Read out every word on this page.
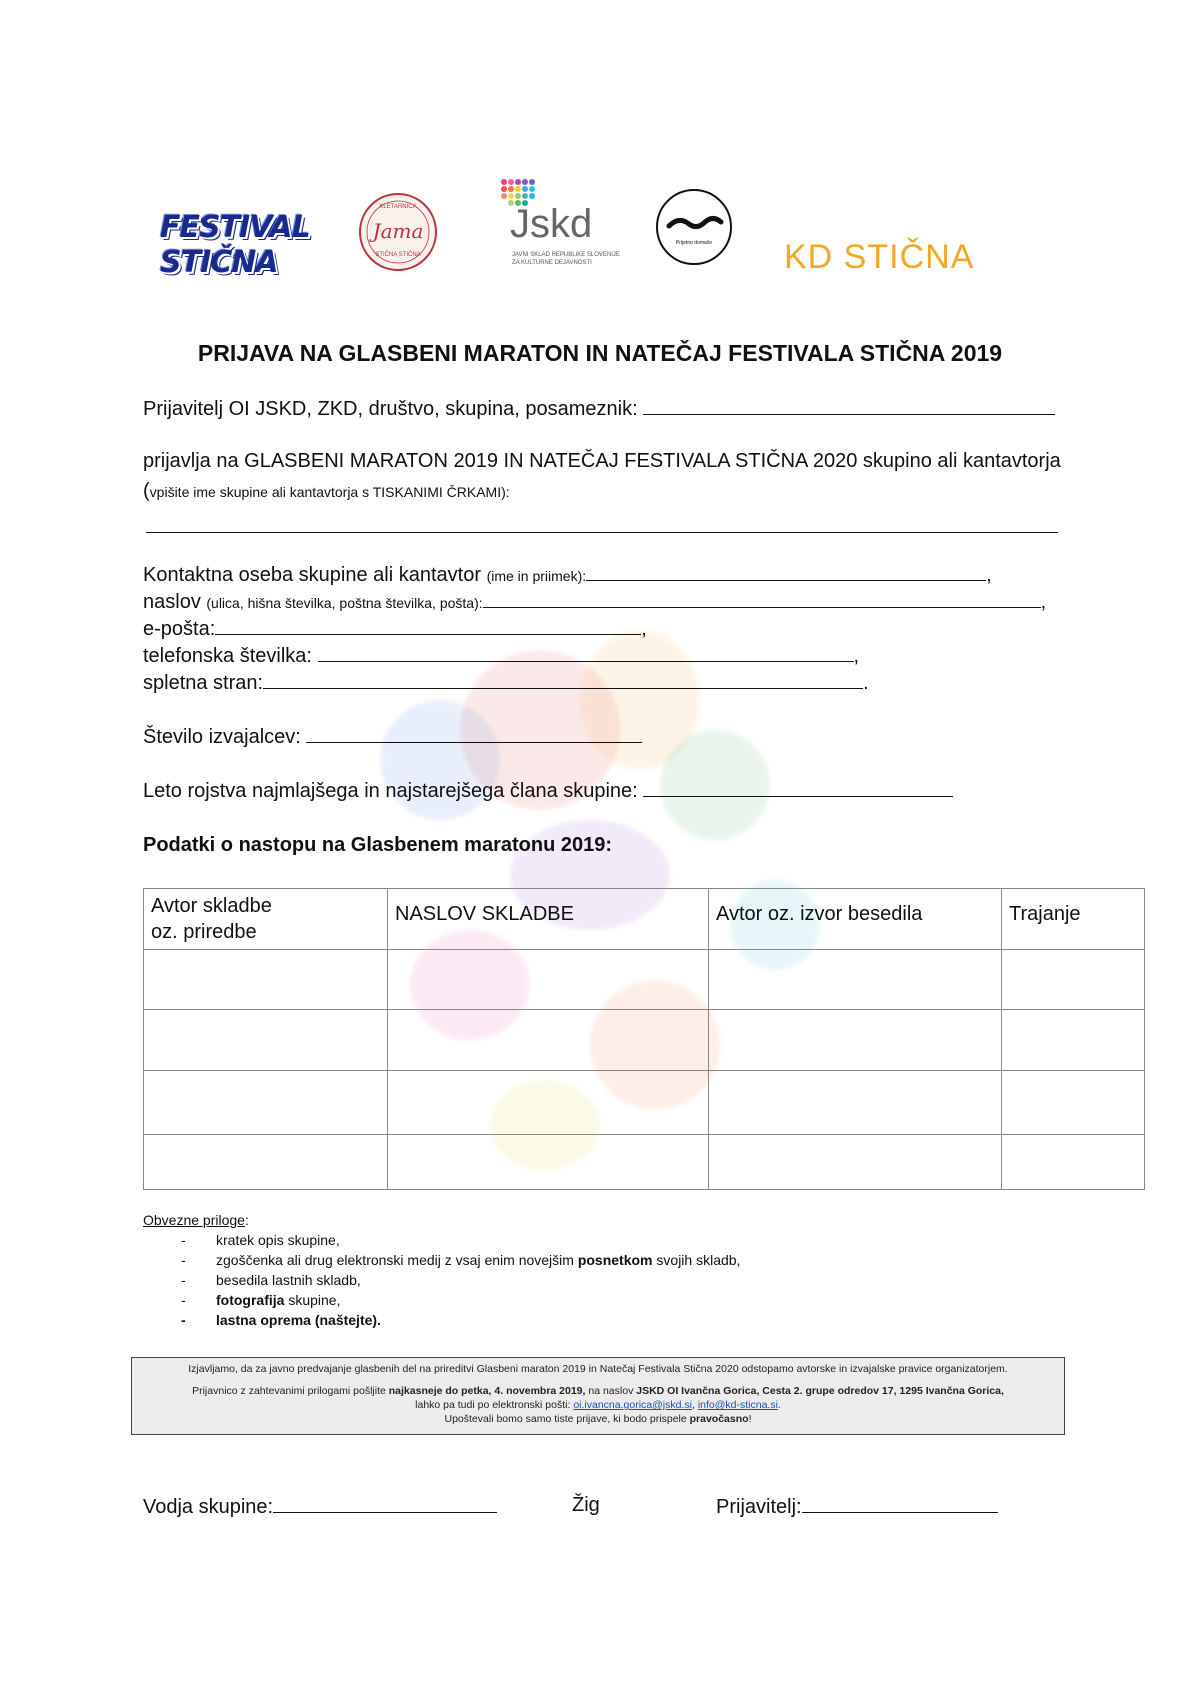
FESTIVAL STIČNA
KLETARNICA
Jama
STIČNA STIČNA
Jskd
JAVNI SKLAD REPUBLIKE SLOVENIJE
ZA KULTURNE DEJAVNOSTI
Prijetno domače	KD STIČNA
PRIJAVA NA GLASBENI MARATON IN NATEČAJ FESTIVALA STIČNA 2019
Prijavitelj OI JSKD, ZKD, društvo, skupina, posameznik:
prijavlja na GLASBENI MARATON 2019 IN NATEČAJ FESTIVALA STIČNA 2020 skupino ali kantavtorja
(vpišite ime skupine ali kantavtorja s TISKANIMI ČRKAMI):
Kontaktna oseba skupine ali kantavtor (ime in priimek):	,
naslov (ulica, hišna številka, poštna številka, pošta):	,
e-pošta:	,
telefonska številka:	,
spletna stran:	.
Število izvajalcev:
Leto rojstva najmlajšega in najstarejšega člana skupine:
Podatki o nastopu na Glasbenem maratonu 2019:
Avtor skladbe
oz. priredbe	NASLOV SKLADBE	Avtor oz. izvor besedila	Trajanje

Obvezne priloge:
- kratek opis skupine,
- zgoščenka ali drug elektronski medij z vsaj enim novejšim posnetkom svojih skladb,
- besedila lastnih skladb,
- fotografija skupine,
- lastna oprema (naštejte).
Izjavljamo, da za javno predvajanje glasbenih del na prireditvi Glasbeni maraton 2019 in Natečaj Festivala Stična 2020 odstopamo avtorske in izvajalske pravice organizatorjem.
Prijavnico z zahtevanimi prilogami pošljite najkasneje do petka, 4. novembra 2019, na naslov JSKD OI Ivančna Gorica, Cesta 2. grupe odredov 17, 1295 Ivančna Gorica,
lahko pa tudi po elektronski pošti: oi.ivancna.gorica@jskd.si, info@kd-sticna.si.
Upoštevali bomo samo tiste prijave, ki bodo prispele pravočasno!
Vodja skupine:	Žig	Prijavitelj:
